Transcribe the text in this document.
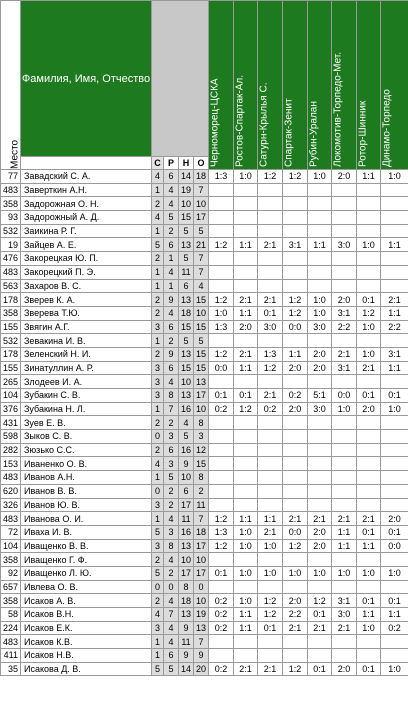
Место	Фамилия, Имя, Отчество					Черноморец-ЦСКА	Ростов-Спартак-Ал.	Сатурн-Крылья С.	Спартак-Зенит	Рубин-Уралан	Локомотив-Торпедо-Мет.	Ротор-Шинник	Динамо-Торпедо
		С	Р	Н	О								
77	Завадский С. А.	4	6	14	18	1:3	1:0	1:2	1:2	1:0	2:0	1:1	1:0
483	Заверткин А.Н.	1	4	19	7								
358	Задорожная О. Н.	2	4	10	10								
93	Задорожный А. Д.	4	5	15	17								
532	Заикина Р. Г.	1	2	5	5								
19	Зайцев А. Е.	5	6	13	21	1:2	1:1	2:1	3:1	1:1	3:0	1:0	1:1
476	Закорецкая Ю. П.	2	1	5	7								
483	Закорецкий П. Э.	1	4	11	7								
563	Захаров В. С.	1	1	6	4								
178	Зверев К. А.	2	9	13	15	1:2	2:1	2:1	1:2	1:0	2:0	0:1	2:1
358	Зверева Т.Ю.	2	4	18	10	1:0	1:1	0:1	1:2	1:0	3:1	1:2	1:1
155	Звягин А.Г.	3	6	15	15	1:3	2:0	3:0	0:0	3:0	2:2	1:0	2:2
532	Зевакина И. В.	1	2	5	5								
178	Зеленский Н. И.	2	9	13	15	1:2	2:1	1:3	1:1	2:0	2:1	1:0	3:1
155	Зинатуллин А. Р.	3	6	15	15	0:0	1:1	1:2	2:0	2:0	3:1	2:1	1:1
265	Злодеев И. А.	3	4	10	13								
104	Зубакин С. В.	3	8	13	17	0:1	0:1	2:1	0:2	5:1	0:0	0:1	0:1
376	Зубакина Н. Л.	1	7	16	10	0:2	1:2	0:2	2:0	3:0	1:0	2:0	1:0
431	Зуев Е. В.	2	2	4	8								
598	Зыков С. В.	0	3	5	3								
282	Зюзько С.С.	2	6	16	12								
153	Иваненко О. В.	4	3	9	15								
483	Иванов А.Н.	1	5	10	8								
620	Иванов В. В.	0	2	6	2								
326	Иванов Ю. В.	3	2	17	11								
483	Иванова О. И.	1	4	11	7	1:2	1:1	1:1	2:1	2:1	2:1	2:1	2:0
72	Иваха И. В.	5	3	16	18	1:3	1:0	2:1	0:0	2:0	1:1	0:1	0:1
104	Иващенко В. В.	3	8	13	17	1:2	1:0	1:0	1:2	2:0	1:1	1:1	0:0
358	Иващенко Г. Ф.	2	4	10	10								
92	Иващенко Л. Ю.	5	2	17	17	0:1	1:0	1:0	1:0	1:0	1:0	1:0	1:0
657	Ивлева О. В.	0	0	8	0								
358	Исаков А. В.	2	4	18	10	0:2	1:0	1:2	2:0	1:2	3:1	0:1	0:1
58	Исаков В.Н.	4	7	13	19	0:2	1:1	1:2	2:2	0:1	3:0	1:1	1:1
224	Исаков Е.К.	3	4	9	13	0:2	1:1	0:1	2:1	2:1	2:1	1:0	0:2
483	Исаков К.В.	1	4	11	7								
411	Исаков Н.В.	1	6	9	9								
35	Исакова Д. В.	5	5	14	20	0:2	2:1	2:1	1:2	0:1	2:0	0:1	1:0
